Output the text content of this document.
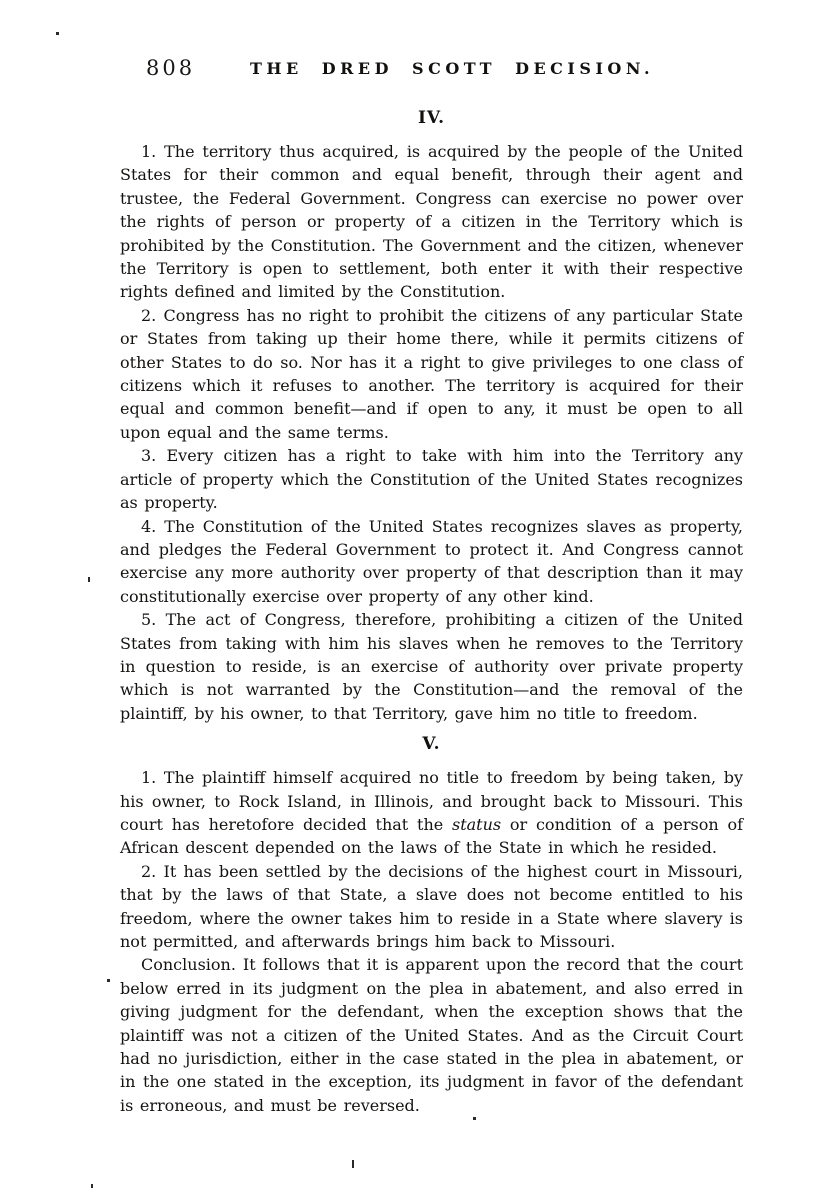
808	THE DRED SCOTT DECISION.
IV.

1. The territory thus acquired, is acquired by the people of the United States for their common and equal benefit, through their agent and trustee, the Federal Government. Congress can exercise no power over the rights of person or property of a citizen in the Territory which is prohibited by the Constitution. The Government and the citizen, whenever the Territory is open to settlement, both enter it with their respective rights defined and limited by the Constitution.

2. Congress has no right to prohibit the citizens of any particular State or States from taking up their home there, while it permits citizens of other States to do so. Nor has it a right to give privileges to one class of citizens which it refuses to another. The territory is acquired for their equal and common benefit—and if open to any, it must be open to all upon equal and the same terms.

3. Every citizen has a right to take with him into the Territory any article of property which the Constitution of the United States recognizes as property.

4. The Constitution of the United States recognizes slaves as property, and pledges the Federal Government to protect it. And Congress cannot exercise any more authority over property of that description than it may constitutionally exercise over property of any other kind.

5. The act of Congress, therefore, prohibiting a citizen of the United States from taking with him his slaves when he removes to the Territory in question to reside, is an exercise of authority over private property which is not warranted by the Constitution—and the removal of the plaintiff, by his owner, to that Territory, gave him no title to freedom.

V.

1. The plaintiff himself acquired no title to freedom by being taken, by his owner, to Rock Island, in Illinois, and brought back to Missouri. This court has heretofore decided that the status or condition of a person of African descent depended on the laws of the State in which he resided.

2. It has been settled by the decisions of the highest court in Missouri, that by the laws of that State, a slave does not become entitled to his freedom, where the owner takes him to reside in a State where slavery is not permitted, and afterwards brings him back to Missouri.

Conclusion. It follows that it is apparent upon the record that the court below erred in its judgment on the plea in abatement, and also erred in giving judgment for the defendant, when the exception shows that the plaintiff was not a citizen of the United States. And as the Circuit Court had no jurisdiction, either in the case stated in the plea in abatement, or in the one stated in the exception, its judgment in favor of the defendant is erroneous, and must be reversed.
